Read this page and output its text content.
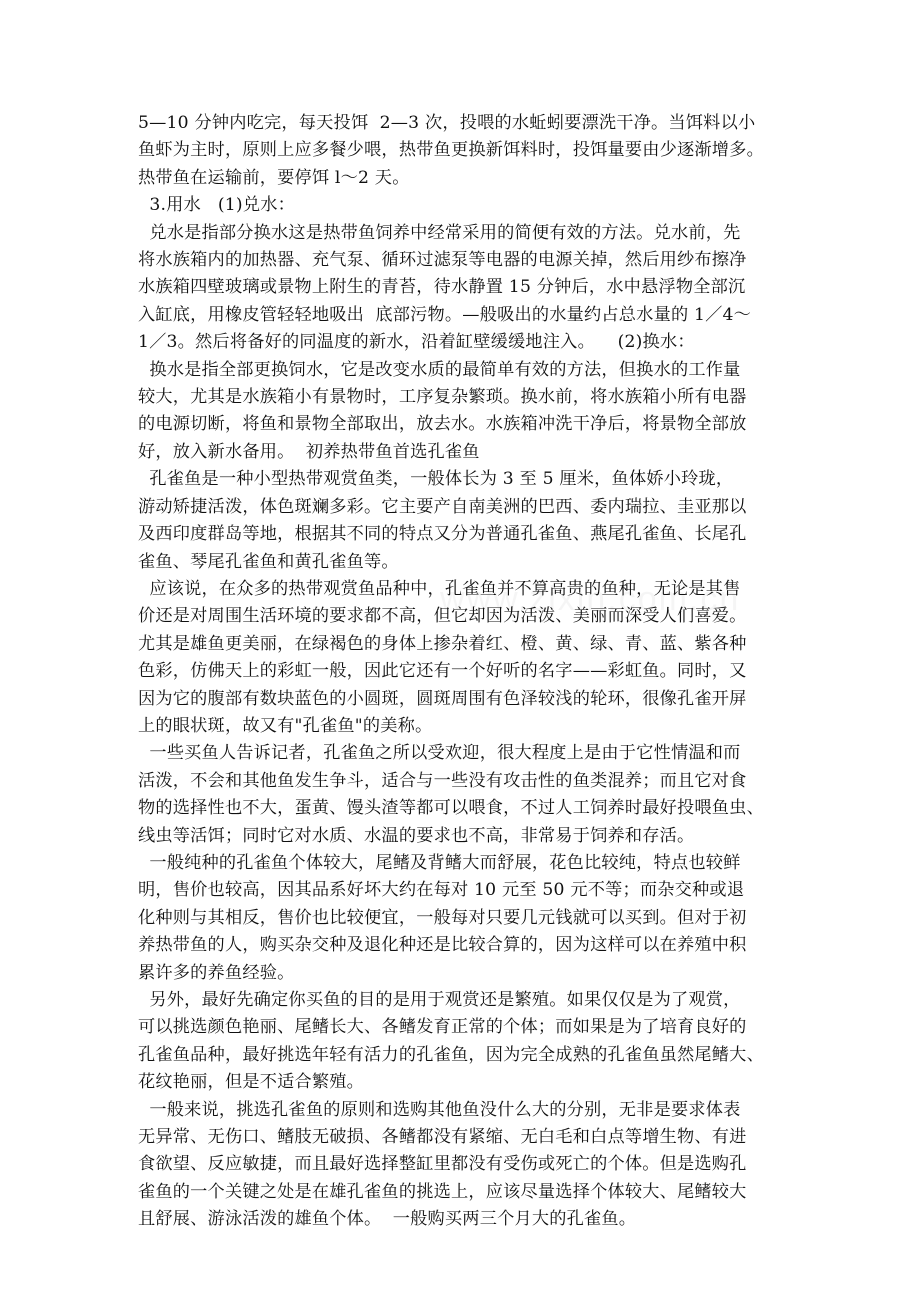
5—10 分钟内吃完，每天投饵  2—3 次，投喂的水蚯蚓要漂洗干净。当饵料以小
鱼虾为主时，原则上应多餐少喂，热带鱼更换新饵料时，投饵量要由少逐渐增多。
热带鱼在运输前，要停饵 l～2 天。
3.用水   (1)兑水：
兑水是指部分换水这是热带鱼饲养中经常采用的简便有效的方法。兑水前，先
将水族箱内的加热器、充气泵、循环过滤泵等电器的电源关掉，然后用纱布擦净
水族箱四壁玻璃或景物上附生的青苔，待水静置 15 分钟后，水中悬浮物全部沉
入缸底，用橡皮管轻轻地吸出  底部污物。—般吸出的水量约占总水量的 1／4～
1／3。然后将备好的同温度的新水，沿着缸壁缓缓地注入。    (2)换水：
换水是指全部更换饲水，它是改变水质的最简单有效的方法，但换水的工作量
较大，尤其是水族箱小有景物时，工序复杂繁琐。换水前，将水族箱小所有电器
的电源切断，将鱼和景物全部取出，放去水。水族箱冲洗干净后，将景物全部放
好，放入新水备用。  初养热带鱼首选孔雀鱼
孔雀鱼是一种小型热带观赏鱼类，一般体长为 3 至 5 厘米，鱼体娇小玲珑，
游动矫捷活泼，体色斑斓多彩。它主要产自南美洲的巴西、委内瑞拉、圭亚那以
及西印度群岛等地，根据其不同的特点又分为普通孔雀鱼、燕尾孔雀鱼、长尾孔
雀鱼、琴尾孔雀鱼和黄孔雀鱼等。
应该说，在众多的热带观赏鱼品种中，孔雀鱼并不算高贵的鱼种，无论是其售
价还是对周围生活环境的要求都不高，但它却因为活泼、美丽而深受人们喜爱。
尤其是雄鱼更美丽，在绿褐色的身体上掺杂着红、橙、黄、绿、青、蓝、紫各种
色彩，仿佛天上的彩虹一般，因此它还有一个好听的名字——彩虹鱼。同时，又
因为它的腹部有数块蓝色的小圆斑，圆斑周围有色泽较浅的轮环，很像孔雀开屏
上的眼状斑，故又有"孔雀鱼"的美称。
一些买鱼人告诉记者，孔雀鱼之所以受欢迎，很大程度上是由于它性情温和而
活泼，不会和其他鱼发生争斗，适合与一些没有攻击性的鱼类混养；而且它对食
物的选择性也不大，蛋黄、馒头渣等都可以喂食，不过人工饲养时最好投喂鱼虫、
线虫等活饵；同时它对水质、水温的要求也不高，非常易于饲养和存活。
一般纯种的孔雀鱼个体较大，尾鳍及背鳍大而舒展，花色比较纯，特点也较鲜
明，售价也较高，因其品系好坏大约在每对 10 元至 50 元不等；而杂交种或退
化种则与其相反，售价也比较便宜，一般每对只要几元钱就可以买到。但对于初
养热带鱼的人，购买杂交种及退化种还是比较合算的，因为这样可以在养殖中积
累许多的养鱼经验。
另外，最好先确定你买鱼的目的是用于观赏还是繁殖。如果仅仅是为了观赏，
可以挑选颜色艳丽、尾鳍长大、各鳍发育正常的个体；而如果是为了培育良好的
孔雀鱼品种，最好挑选年轻有活力的孔雀鱼，因为完全成熟的孔雀鱼虽然尾鳍大、
花纹艳丽，但是不适合繁殖。
一般来说，挑选孔雀鱼的原则和选购其他鱼没什么大的分别，无非是要求体表
无异常、无伤口、鳍肢无破损、各鳍都没有紧缩、无白毛和白点等增生物、有进
食欲望、反应敏捷，而且最好选择整缸里都没有受伤或死亡的个体。但是选购孔
雀鱼的一个关键之处是在雄孔雀鱼的挑选上，应该尽量选择个体较大、尾鳍较大
且舒展、游泳活泼的雄鱼个体。  一般购买两三个月大的孔雀鱼。
